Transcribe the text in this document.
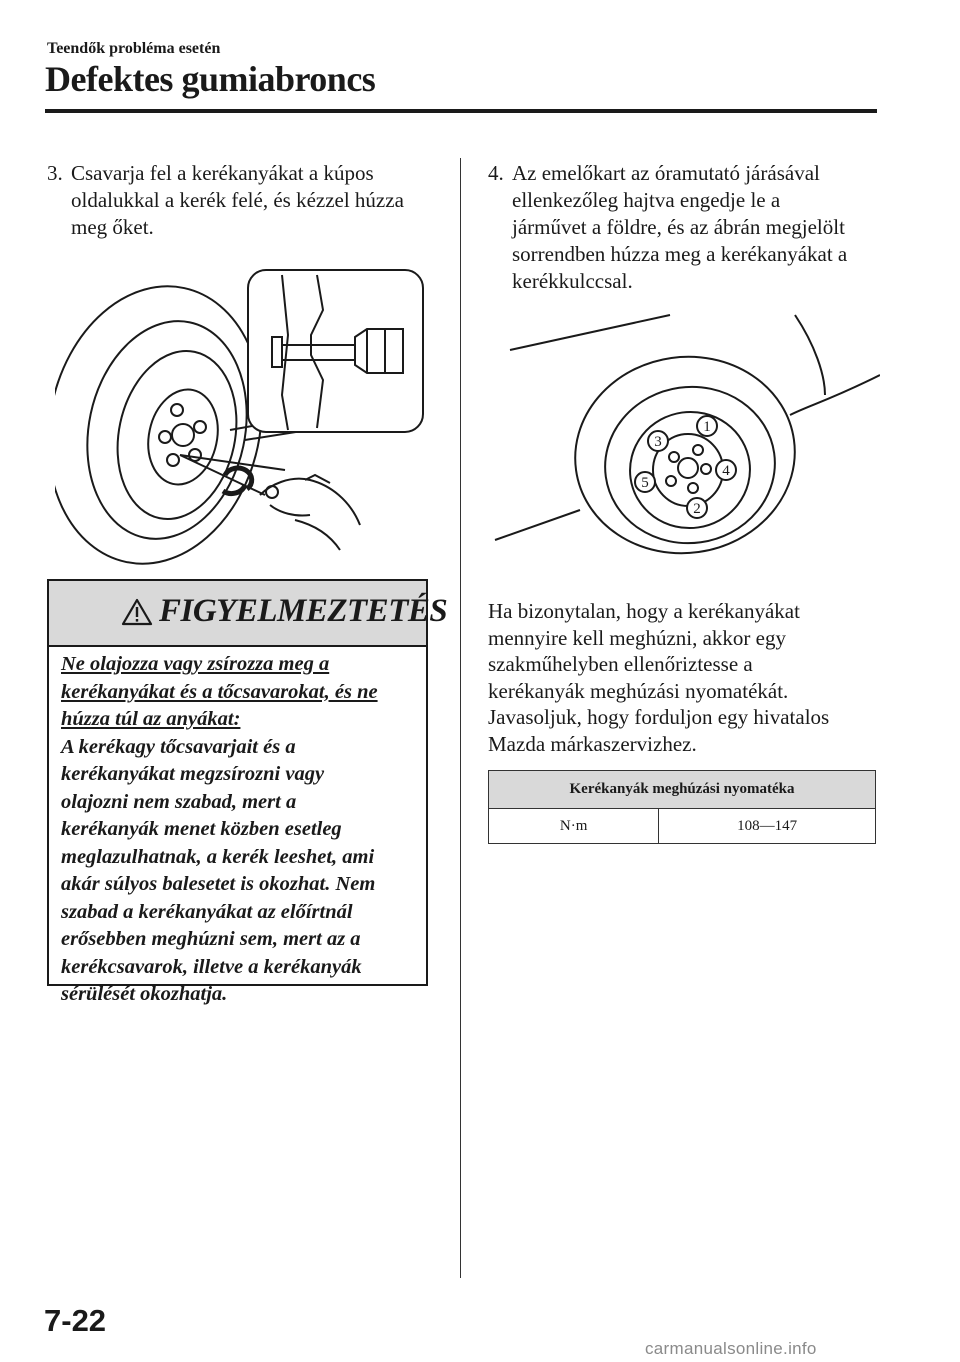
Teendők probléma esetén
Defektes gumiabroncs
3. Csavarja fel a kerékanyákat a kúpos
oldalukkal a kerék felé, és kézzel húzza
meg őket.
FIGYELMEZTETÉS
Ne olajozza vagy zsírozza meg a
kerékanyákat és a tőcsavarokat, és ne
húzza túl az anyákat:
A kerékagy tőcsavarjait és a
kerékanyákat megzsírozni vagy
olajozni nem szabad, mert a
kerékanyák menet közben esetleg
meglazulhatnak, a kerék leeshet, ami
akár súlyos balesetet is okozhat. Nem
szabad a kerékanyákat az előírtnál
erősebben meghúzni sem, mert az a
kerékcsavarok, illetve a kerékanyák
sérülését okozhatja.
4. Az emelőkart az óramutató járásával
ellenkezőleg hajtva engedje le a
járművet a földre, és az ábrán megjelölt
sorrendben húzza meg a kerékanyákat a
kerékkulccsal.
1
2
3
4
5
Ha bizonytalan, hogy a kerékanyákat
mennyire kell meghúzni, akkor egy
szakműhelyben ellenőriztesse a
kerékanyák meghúzási nyomatékát.
Javasoljuk, hogy forduljon egy hivatalos
Mazda márkaszervizhez.
Kerékanyák meghúzási nyomatéka
N·m	108—147
7-22
carmanualsonline.info
